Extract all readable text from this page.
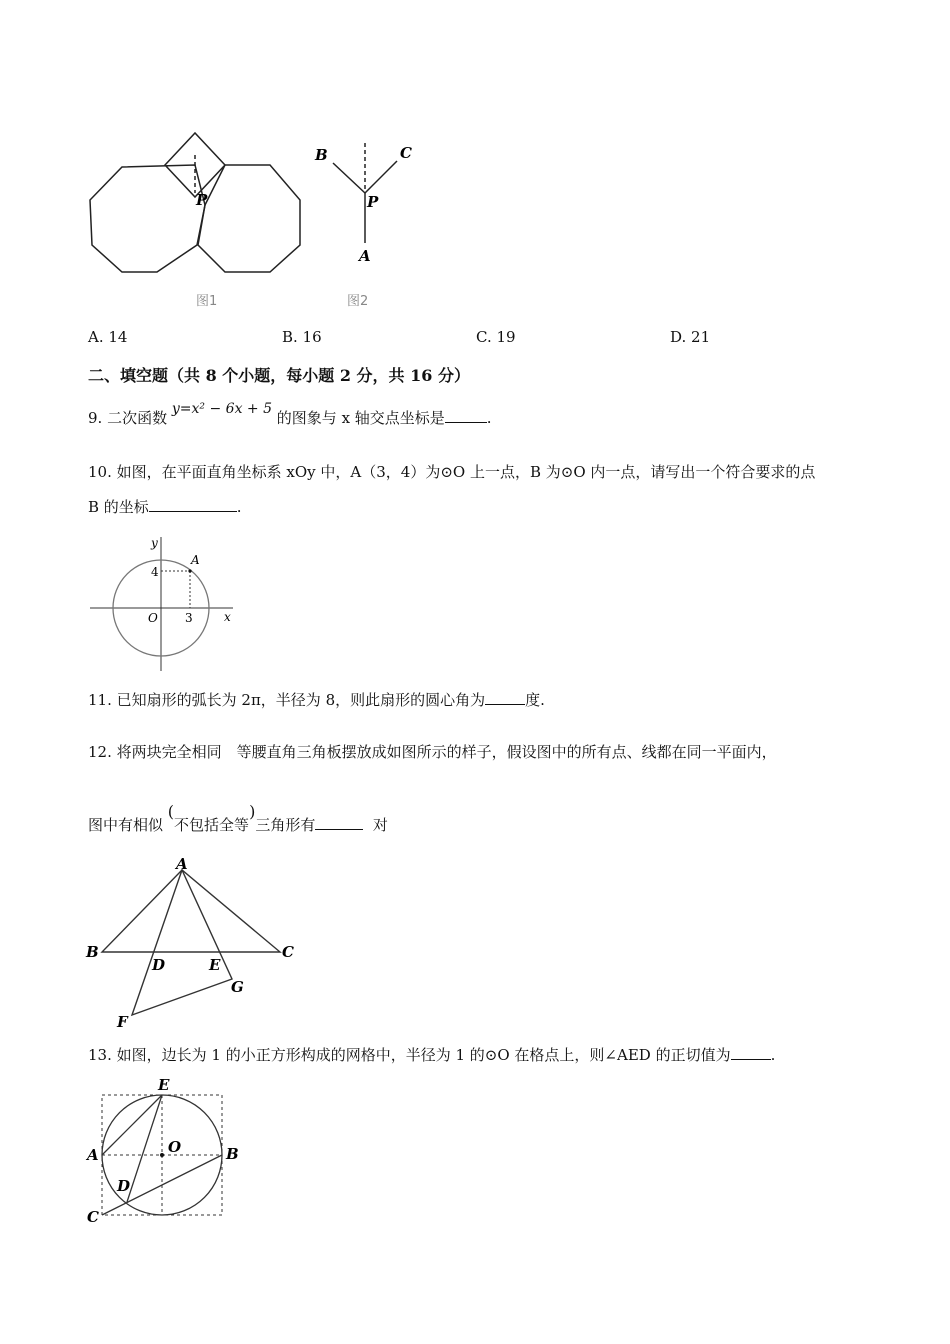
P
图1
B	C
P
A
图2
A. 14	B. 16	C. 19	D. 21
二、填空题（共 8 个小题，每小题 2 分，共 16 分）
9. 二次函数 y=x² − 6x + 5 的图象与 x 轴交点坐标是	.
10. 如图，在平面直角坐标系 xOy 中，A（3，4）为⊙O 上一点，B 为⊙O 内一点，请写出一个符合要求的点
B 的坐标	.
y
x
4
3
O
A
11. 已知扇形的弧长为 2π，半径为 8，则此扇形的圆心角为	度.
12. 将两块完全相同　等腰直角三角板摆放成如图所示的样子，假设图中的所有点、线都在同一平面内，
图中有相似 (不包括全等)三角形有	对
A
B	C
D	E
G
F
13. 如图，边长为 1 的小正方形构成的网格中，半径为 1 的⊙O 在格点上，则∠AED 的正切值为	.
E
O
A	B
D
C
